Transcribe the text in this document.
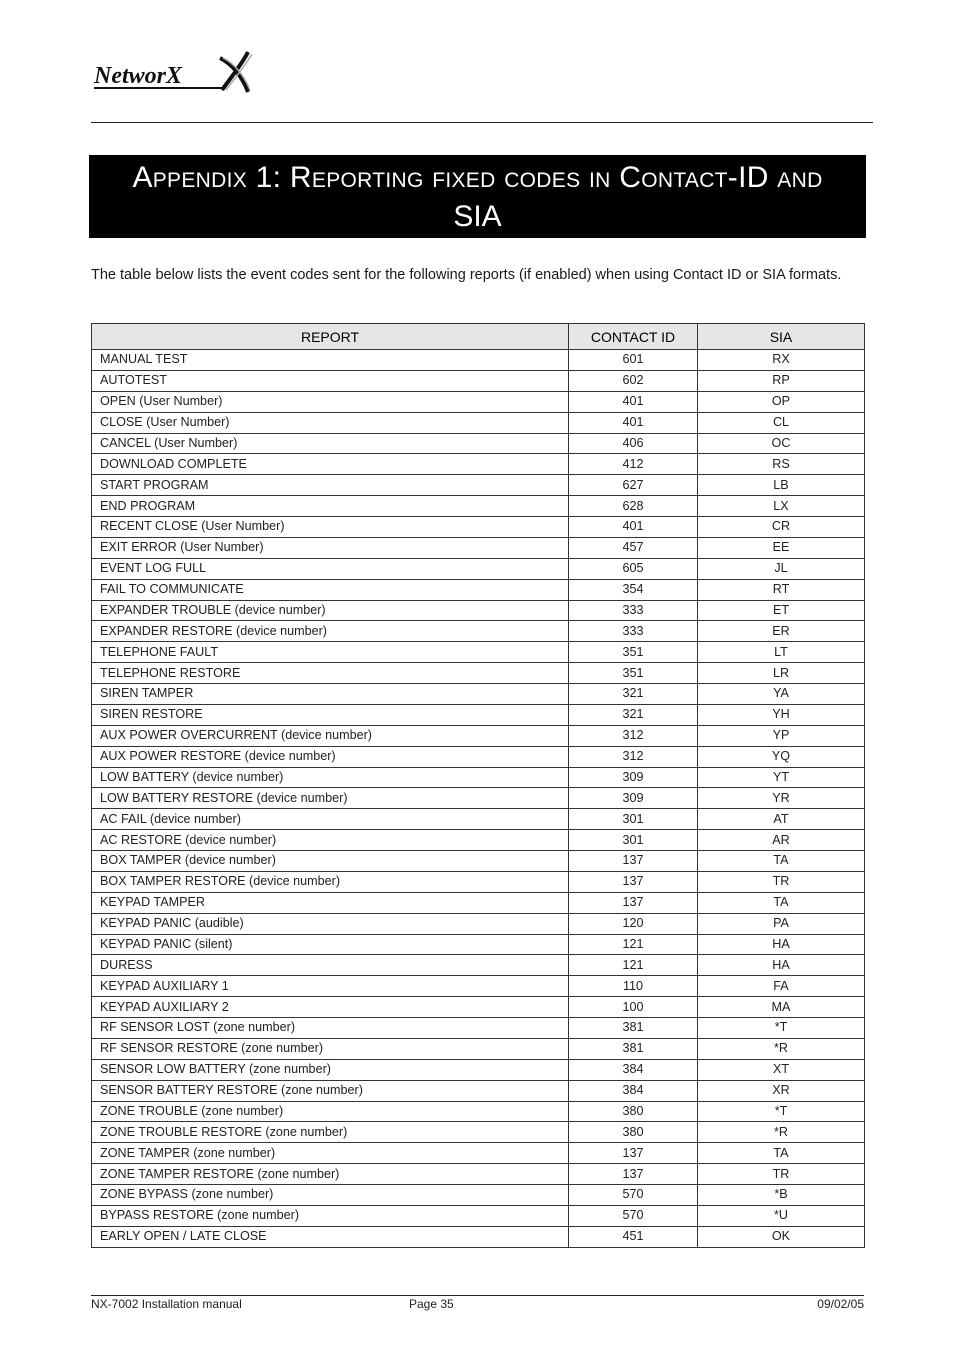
NetworX
Appendix 1: Reporting fixed codes in Contact-ID and
SIA
The table below lists the event codes sent for the following reports (if enabled) when using Contact ID or SIA formats.
REPORT	CONTACT ID	SIA
MANUAL TEST	601	RX
AUTOTEST	602	RP
OPEN (User Number)	401	OP
CLOSE (User Number)	401	CL
CANCEL (User Number)	406	OC
DOWNLOAD COMPLETE	412	RS
START PROGRAM	627	LB
END PROGRAM	628	LX
RECENT CLOSE (User Number)	401	CR
EXIT ERROR (User Number)	457	EE
EVENT LOG FULL	605	JL
FAIL TO COMMUNICATE	354	RT
EXPANDER TROUBLE (device number)	333	ET
EXPANDER RESTORE (device number)	333	ER
TELEPHONE FAULT	351	LT
TELEPHONE RESTORE	351	LR
SIREN TAMPER	321	YA
SIREN RESTORE	321	YH
AUX POWER OVERCURRENT (device number)	312	YP
AUX POWER RESTORE (device number)	312	YQ
LOW BATTERY (device number)	309	YT
LOW BATTERY RESTORE (device number)	309	YR
AC FAIL (device number)	301	AT
AC RESTORE (device number)	301	AR
BOX TAMPER (device number)	137	TA
BOX TAMPER RESTORE (device number)	137	TR
KEYPAD TAMPER	137	TA
KEYPAD PANIC (audible)	120	PA
KEYPAD PANIC (silent)	121	HA
DURESS	121	HA
KEYPAD AUXILIARY 1	110	FA
KEYPAD AUXILIARY 2	100	MA
RF SENSOR LOST (zone number)	381	*T
RF SENSOR RESTORE (zone number)	381	*R
SENSOR LOW BATTERY (zone number)	384	XT
SENSOR BATTERY RESTORE (zone number)	384	XR
ZONE TROUBLE (zone number)	380	*T
ZONE TROUBLE RESTORE (zone number)	380	*R
ZONE TAMPER (zone number)	137	TA
ZONE TAMPER RESTORE (zone number)	137	TR
ZONE BYPASS (zone number)	570	*B
BYPASS RESTORE (zone number)	570	*U
EARLY OPEN / LATE CLOSE	451	OK
NX-7002 Installation manual	Page 35	09/02/05
